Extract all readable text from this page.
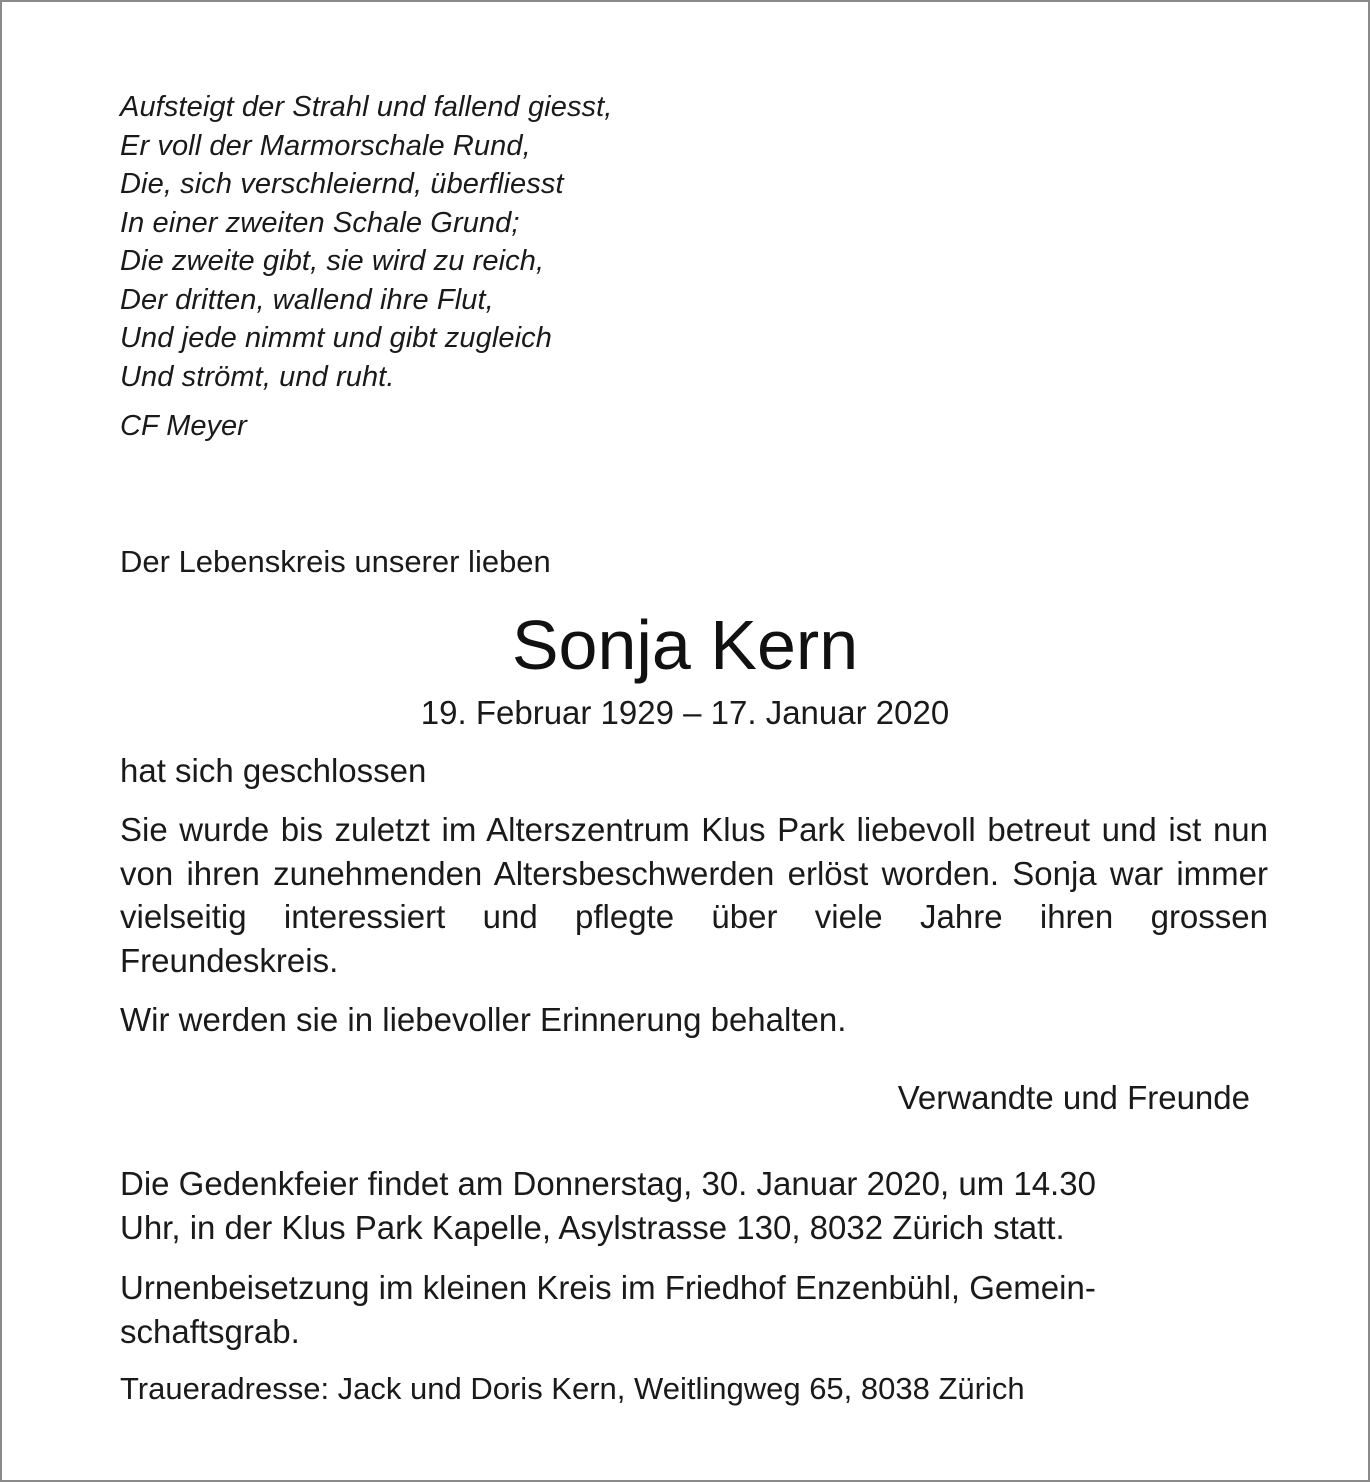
Aufsteigt der Strahl und fallend giesst,
Er voll der Marmorschale Rund,
Die, sich verschleiernd, überfliesst
In einer zweiten Schale Grund;
Die zweite gibt, sie wird zu reich,
Der dritten, wallend ihre Flut,
Und jede nimmt und gibt zugleich
Und strömt, und ruht.
CF Meyer
Der Lebenskreis unserer lieben
Sonja Kern
19. Februar 1929 – 17. Januar 2020
hat sich geschlossen
Sie wurde bis zuletzt im Alterszentrum Klus Park liebevoll betreut und ist nun von ihren zunehmenden Altersbeschwerden erlöst worden. Sonja war immer vielseitig interessiert und pflegte über viele Jahre ihren grossen Freundeskreis.
Wir werden sie in liebevoller Erinnerung behalten.
Verwandte und Freunde
Die Gedenkfeier findet am Donnerstag, 30. Januar 2020, um 14.30
Uhr, in der Klus Park Kapelle, Asylstrasse 130, 8032 Zürich statt.
Urnenbeisetzung im kleinen Kreis im Friedhof Enzenbühl, Gemein-
schaftsgrab.
Traueradresse: Jack und Doris Kern, Weitlingweg 65, 8038 Zürich
